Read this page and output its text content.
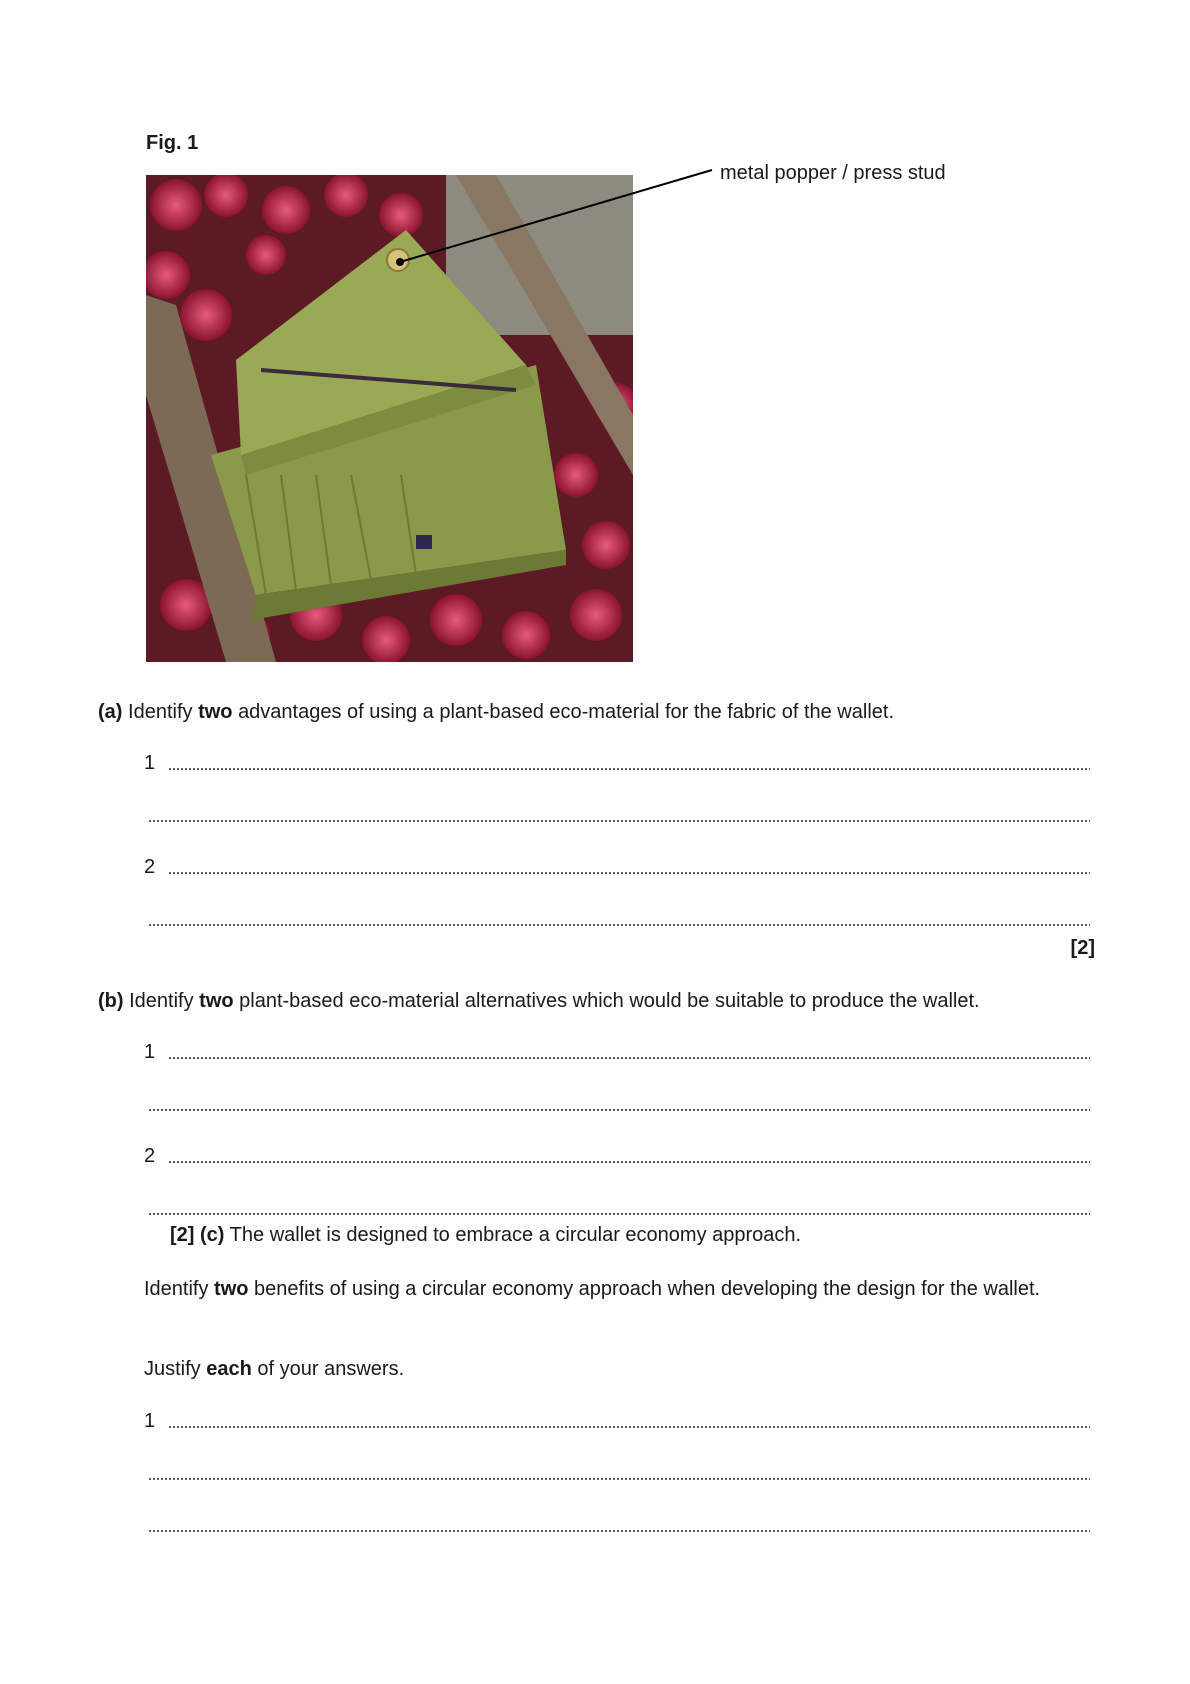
Fig. 1
metal popper / press stud
(a) Identify two advantages of using a plant-based eco-material for the fabric of the wallet.
1
2
[2]
(b) Identify two plant-based eco-material alternatives which would be suitable to produce the wallet.
1
2
[2] (c) The wallet is designed to embrace a circular economy approach.
Identify two benefits of using a circular economy approach when developing the design for the wallet.
Justify each of your answers.
1
